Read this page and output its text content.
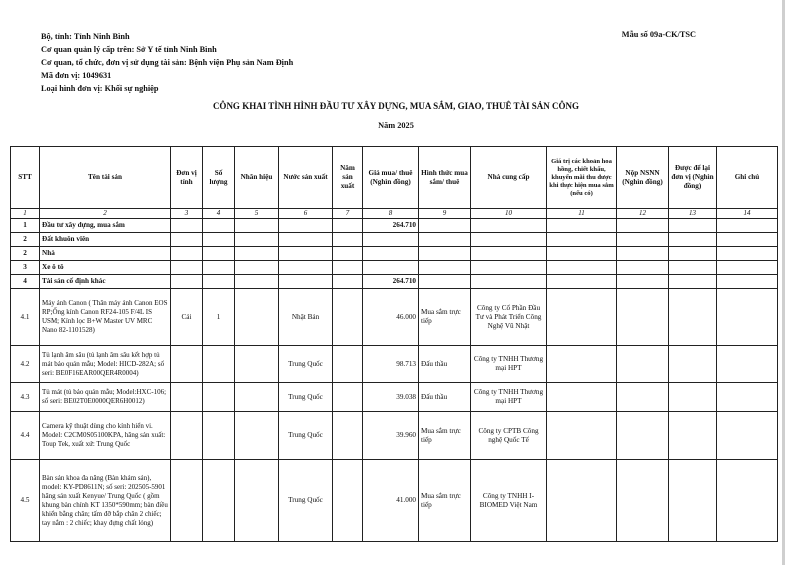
Bộ, tỉnh: Tỉnh Ninh Bình
Cơ quan quản lý cấp trên: Sở Y tế tỉnh Ninh Bình
Cơ quan, tổ chức, đơn vị sử dụng tài sản: Bệnh viện Phụ sản Nam Định
Mã đơn vị: 1049631
Loại hình đơn vị: Khối sự nghiệp
Mẫu số 09a-CK/TSC
CÔNG KHAI TÌNH HÌNH ĐẦU TƯ XÂY DỰNG, MUA SẮM, GIAO, THUÊ TÀI SẢN CÔNG
Năm 2025
STT	Tên tài sản	Đơn vị tính	Số lượng	Nhãn hiệu	Nước sản xuất	Năm sản xuất	Giá mua/ thuê (Nghìn đồng)	Hình thức mua sắm/ thuê	Nhà cung cấp	Giá trị các khoản hoa hồng, chiết khấu, khuyến mãi thu được khi thực hiện mua sắm (nếu có)	Nộp NSNN (Nghìn đồng)	Được để lại đơn vị (Nghìn đồng)	Ghi chú
1	2	3	4	5	6	7	8	9	10	11	12	13	14
1	Đầu tư xây dựng, mua sắm						264.710						
2	Đất khuôn viên												
2	Nhà												
3	Xe ô tô												
4	Tài sản cố định khác						264.710						
4.1	Máy ảnh Canon ( Thân máy ảnh Canon EOS RP;Ống kính Canon RF24-105 F/4L IS USM; Kính lọc B+W Master UV MRC Nano 82-1101528)	Cái	1		Nhật Bản		46.000	Mua sắm trực tiếp	Công ty Cổ Phần Đầu Tư và Phát Triển Công Nghệ Vũ Nhật				
4.2	Tủ lạnh âm sâu (tủ lạnh âm sâu kết hợp tủ mát bảo quản mẫu; Model: HICD-282A; số seri: BE0F16EAR00QER4R0004)				Trung Quốc		98.713	Đấu thầu	Công ty TNHH Thương mại HPT				
4.3	Tủ mát (tủ bảo quản mẫu; Model:HXC-106; số seri: BE02T0E0000QER6H0012)				Trung Quốc		39.038	Đấu thầu	Công ty TNHH Thương mại HPT				
4.4	Camera kỹ thuật dùng cho kính hiển vi. Model: C2CM0S05100KPA, hãng sản xuất: Toup Tek, xuất xứ: Trung Quốc				Trung Quốc		39.960	Mua sắm trực tiếp	Công ty CPTB Công nghệ Quốc Tế				
4.5	Bàn sản khoa đa năng (Bàn khám sản), model: KY-PD8611N; số seri: 202505-5901 hãng sản xuất Kenyue/ Trung Quốc ( gồm khung bàn chính KT 1350*590mm; bàn điều khiển bằng chân; tấm đỡ bắp chân 2 chiếc; tay nắm : 2 chiếc; khay đựng chất lỏng)				Trung Quốc		41.000	Mua sắm trực tiếp	Công ty TNHH I-BIOMED Việt Nam				
